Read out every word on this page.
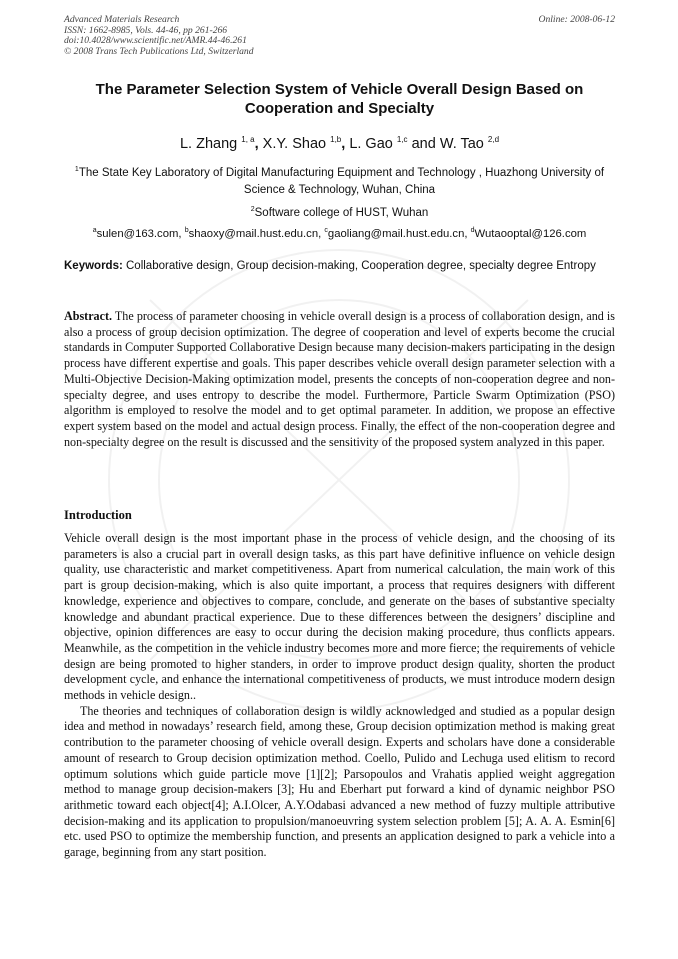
Advanced Materials Research
ISSN: 1662-8985, Vols. 44-46, pp 261-266
doi:10.4028/www.scientific.net/AMR.44-46.261
© 2008 Trans Tech Publications Ltd, Switzerland
Online: 2008-06-12
The Parameter Selection System of Vehicle Overall Design Based on Cooperation and Specialty
L. Zhang $^{1, a}$, X.Y. Shao $^{1,b}$, L. Gao $^{1,c}$ and W. Tao $^{2,d}$
$^1$The State Key Laboratory of Digital Manufacturing Equipment and Technology , Huazhong University of Science & Technology, Wuhan, China
$^2$Software college of HUST, Wuhan
$^a$sulen@163.com, $^b$shaoxy@mail.hust.edu.cn, $^c$gaoliang@mail.hust.edu.cn, $^d$Wutaooptal@126.com
Keywords: Collaborative design, Group decision-making, Cooperation degree, specialty degree Entropy
Abstract. The process of parameter choosing in vehicle overall design is a process of collaboration design, and is also a process of group decision optimization. The degree of cooperation and level of experts become the crucial standards in Computer Supported Collaborative Design because many decision-makers participating in the design process have different expertise and goals. This paper describes vehicle overall design parameter selection with a Multi-Objective Decision-Making optimization model, presents the concepts of non-cooperation degree and non-specialty degree, and uses entropy to describe the model. Furthermore, Particle Swarm Optimization (PSO) algorithm is employed to resolve the model and to get optimal parameter. In addition, we propose an effective expert system based on the model and actual design process. Finally, the effect of the non-cooperation degree and non-specialty degree on the result is discussed and the sensitivity of the proposed system analyzed in this paper.
Introduction

Vehicle overall design is the most important phase in the process of vehicle design, and the choosing of its parameters is also a crucial part in overall design tasks, as this part have definitive influence on vehicle design quality, use characteristic and market competitiveness. Apart from numerical calculation, the main work of this part is group decision-making, which is also quite important, a process that requires designers with different knowledge, experience and objectives to compare, conclude, and generate on the bases of substantive specialty knowledge and abundant practical experience. Due to these differences between the designers’ discipline and objective, opinion differences are easy to occur during the decision making procedure, thus conflicts appears. Meanwhile, as the competition in the vehicle industry becomes more and more fierce; the requirements of vehicle design are being promoted to higher standers, in order to improve product design quality, shorten the product development cycle, and enhance the international competitiveness of products, we must introduce modern design methods in vehicle design..

The theories and techniques of collaboration design is wildly acknowledged and studied as a popular design idea and method in nowadays’ research field, among these, Group decision optimization method is making great contribution to the parameter choosing of vehicle overall design. Experts and scholars have done a considerable amount of research to Group decision optimization method. Coello, Pulido and Lechuga used elitism to record optimum solutions which guide particle move [1][2]; Parsopoulos and Vrahatis applied weight aggregation method to manage group decision-makers [3]; Hu and Eberhart put forward a kind of dynamic neighbor PSO arithmetic toward each object[4]; A.I.Olcer, A.Y.Odabasi advanced a new method of fuzzy multiple attributive decision-making and its application to propulsion/manoeuvring system selection problem [5]; A. A. A. Esmin[6] etc. used PSO to optimize the membership function, and presents an application designed to park a vehicle into a garage, beginning from any start position.
